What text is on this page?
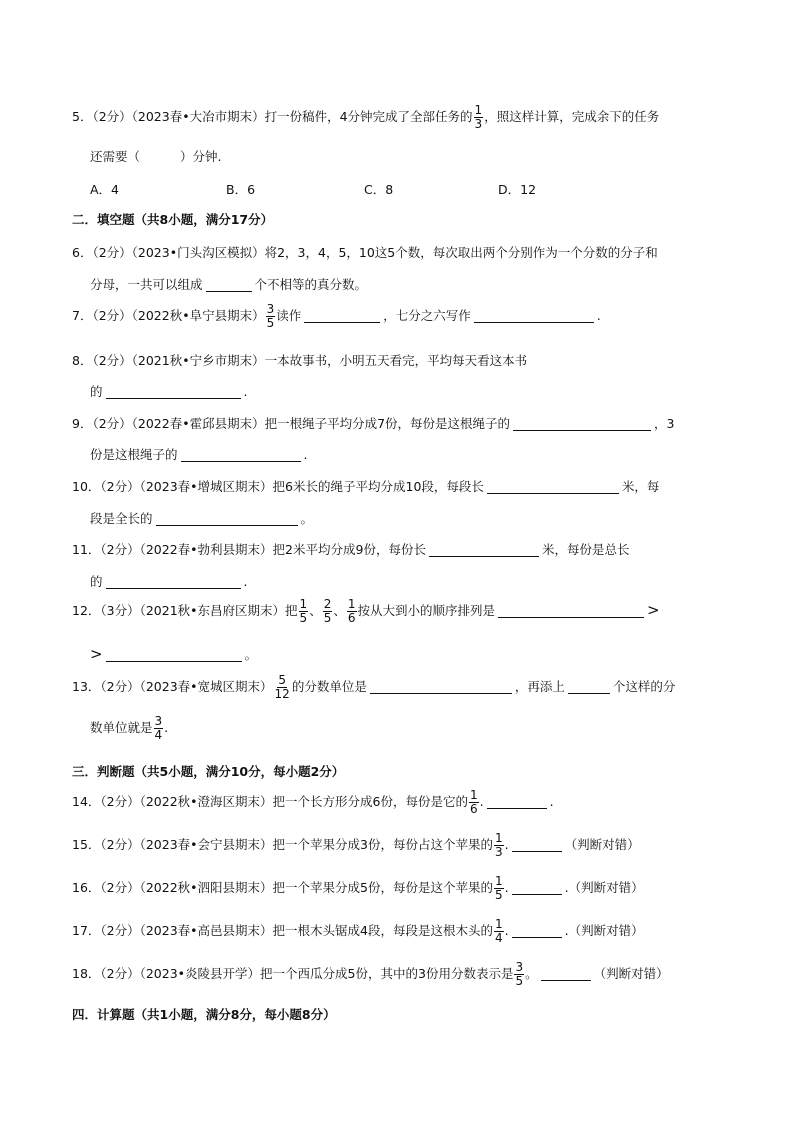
5．（2分）（2023春•大冶市期末）打一份稿件，4分钟完成了全部任务的 $\frac{1}{3}$ ，照这样计算，完成余下的任务
还需要（	）分钟.
A．4	B．6	C．8	D．12
二．填空题（共8小题，满分17分）
6．（2分）（2023•门头沟区模拟）将2，3，4，5，10这5个数，每次取出两个分别作为一个分数的分子和
分母，一共可以组成	个不相等的真分数。
7．（2分）（2022秋•阜宁县期末） $\frac{3}{5}$ 读作	，七分之六写作	.
8．（2分）（2021秋•宁乡市期末）一本故事书，小明五天看完，平均每天看这本书
的	.
9．（2分）（2022春•霍邱县期末）把一根绳子平均分成7份，每份是这根绳子的	，3
份是这根绳子的	.
10．（2分）（2023春•增城区期末）把6米长的绳子平均分成10段，每段长	米，每
段是全长的	。
11．（2分）（2022春•勃利县期末）把2米平均分成9份，每份长	米，每份是总长
的	.
12．（3分）（2021秋•东昌府区期末）把 $\frac{1}{5}$ 、 $\frac{2}{5}$ 、 $\frac{1}{6}$ 按从大到小的顺序排列是	>
>	。
13．（2分）（2023春•宽城区期末） $\frac{5}{12}$ 的分数单位是	，再添上	个这样的分
数单位就是 $\frac{3}{4}$ .
三．判断题（共5小题，满分10分，每小题2分）
14．（2分）（2022秋•澄海区期末）把一个长方形分成6份，每份是它的 $\frac{1}{6}$ .	.
15．（2分）（2023春•会宁县期末）把一个苹果分成3份，每份占这个苹果的 $\frac{1}{3}$ .	（判断对错）
16．（2分）（2022秋•泗阳县期末）把一个苹果分成5份，每份是这个苹果的 $\frac{1}{5}$ .	.（判断对错）
17．（2分）（2023春•高邑县期末）把一根木头锯成4段，每段是这根木头的 $\frac{1}{4}$ .	.（判断对错）
18．（2分）（2023•炎陵县开学）把一个西瓜分成5份，其中的3份用分数表示是 $\frac{3}{5}$ 。	（判断对错）
四．计算题（共1小题，满分8分，每小题8分）
